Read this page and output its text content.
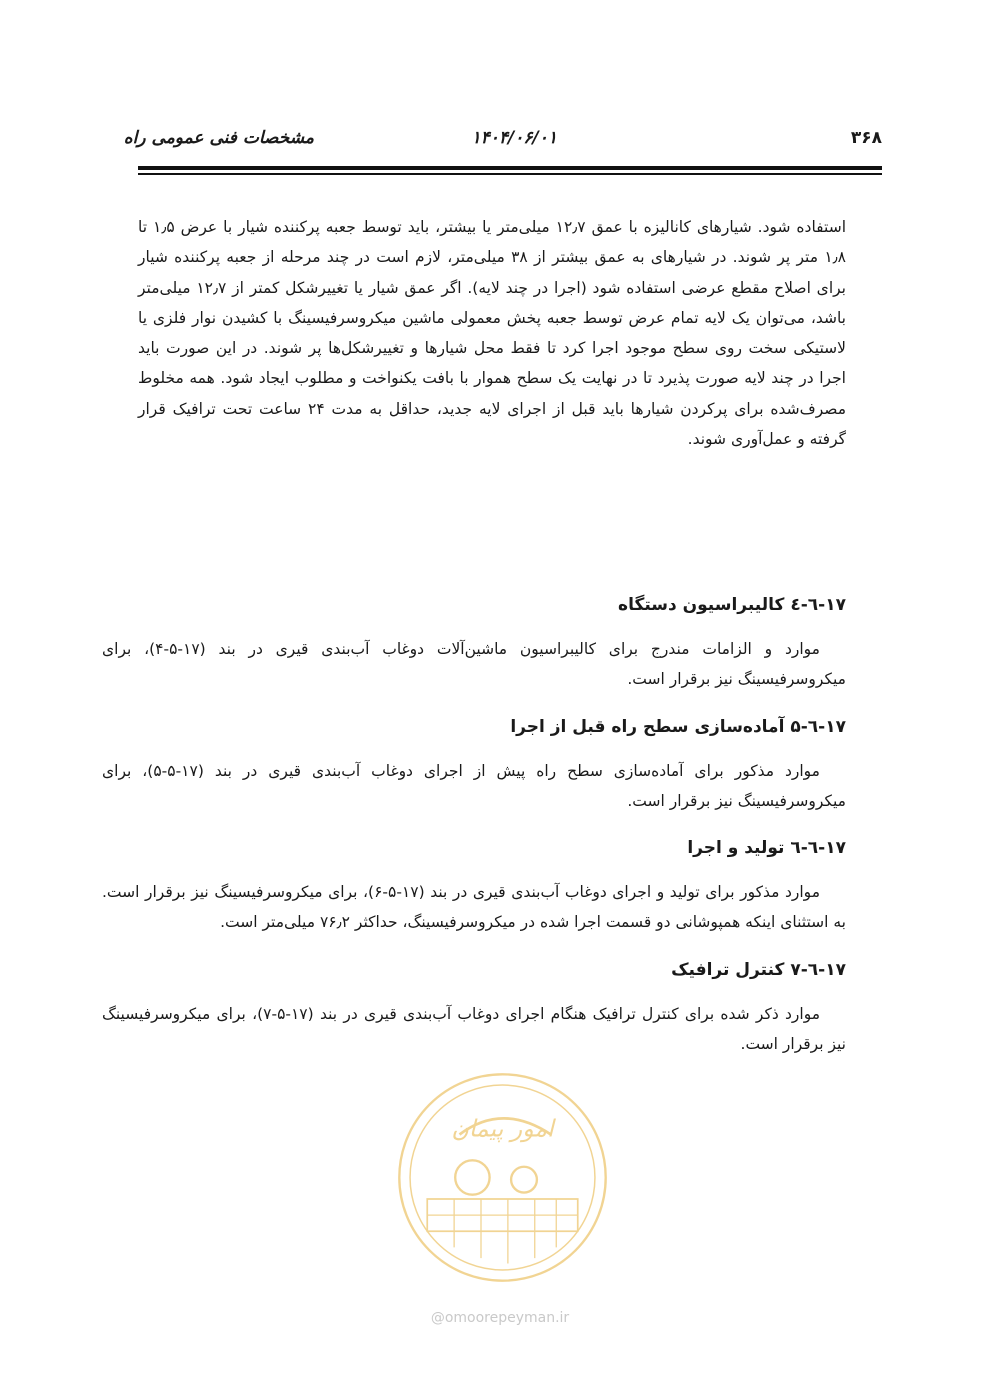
۳۶۸
۱۴۰۴/۰۶/۰۱
مشخصات فنی عمومی راه

استفاده شود. شیارهای کانالیزه با عمق ۱۲٫۷ میلی‌متر یا بیشتر، باید توسط جعبه پرکننده شیار با عرض ۱٫۵ تا ۱٫۸ متر پر شوند. در شیارهای به عمق بیشتر از ۳۸ میلی‌متر، لازم است در چند مرحله از جعبه پرکننده شیار برای اصلاح مقطع عرضی استفاده شود (اجرا در چند لایه). اگر عمق شیار یا تغییرشکل کمتر از ۱۲٫۷ میلی‌متر باشد، می‌توان یک لایه تمام عرض توسط جعبه پخش معمولی ماشین میکروسرفیسینگ با کشیدن نوار فلزی یا لاستیکی سخت روی سطح موجود اجرا کرد تا فقط محل شیارها و تغییرشکل‌ها پر شوند. در این صورت باید اجرا در چند لایه صورت پذیرد تا در نهایت یک سطح هموار با بافت یکنواخت و مطلوب ایجاد شود. همه مخلوط مصرف‌شده برای پرکردن شیارها باید قبل از اجرای لایه جدید، حداقل به مدت ۲۴ ساعت تحت ترافیک قرار گرفته و عمل‌آوری شوند.

۱۷-٦-٤ کالیبراسیون دستگاه

موارد و الزامات مندرج برای کالیبراسیون ماشین‌آلات دوغاب آب‌بندی قیری در بند (۱۷-۵-۴)، برای میکروسرفیسینگ نیز برقرار است.

۱۷-٦-۵ آماده‌سازی سطح راه قبل از اجرا

موارد مذکور برای آماده‌سازی سطح راه پیش از اجرای دوغاب آب‌بندی قیری در بند (۱۷-۵-۵)، برای میکروسرفیسینگ نیز برقرار است.

۱۷-٦-٦ تولید و اجرا

موارد مذکور برای تولید و اجرای دوغاب آب‌بندی قیری در بند (۱۷-۵-۶)، برای میکروسرفیسینگ نیز برقرار است. به استثنای اینکه همپوشانی دو قسمت اجرا شده در میکروسرفیسینگ، حداکثر ۷۶٫۲ میلی‌متر است.

۱۷-٦-٧ کنترل ترافیک

موارد ذکر شده برای کنترل ترافیک هنگام اجرای دوغاب آب‌بندی قیری در بند (۱۷-۵-۷)، برای میکروسرفیسینگ نیز برقرار است.

امور پیمان
@omoorepeyman.ir
